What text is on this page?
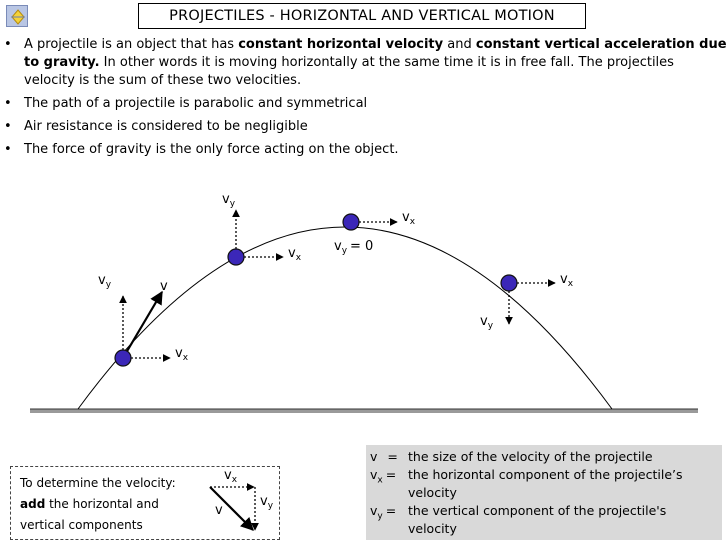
PROJECTILES - HORIZONTAL AND VERTICAL MOTION
• A projectile is an object that has constant horizontal velocity and constant vertical acceleration due to gravity. In other words it is moving horizontally at the same time it is in free fall. The projectiles velocity is the sum of these two velocities.
• The path of a projectile is parabolic and symmetrical
• Air resistance is considered to be negligible
• The force of gravity is the only force acting on the object.
v
$v_y$
$v_x$
$v_y$
$v_x$
$v_x$
$v_y = 0$
$v_x$
$v_y$
$v_x$
$v_y$
v
To determine the velocity:
add the horizontal and
vertical components
v = the size of the velocity of the projectile
$v_x$ = the horizontal component of the projectile’s velocity
$v_y$ = the vertical component of the projectile's velocity
